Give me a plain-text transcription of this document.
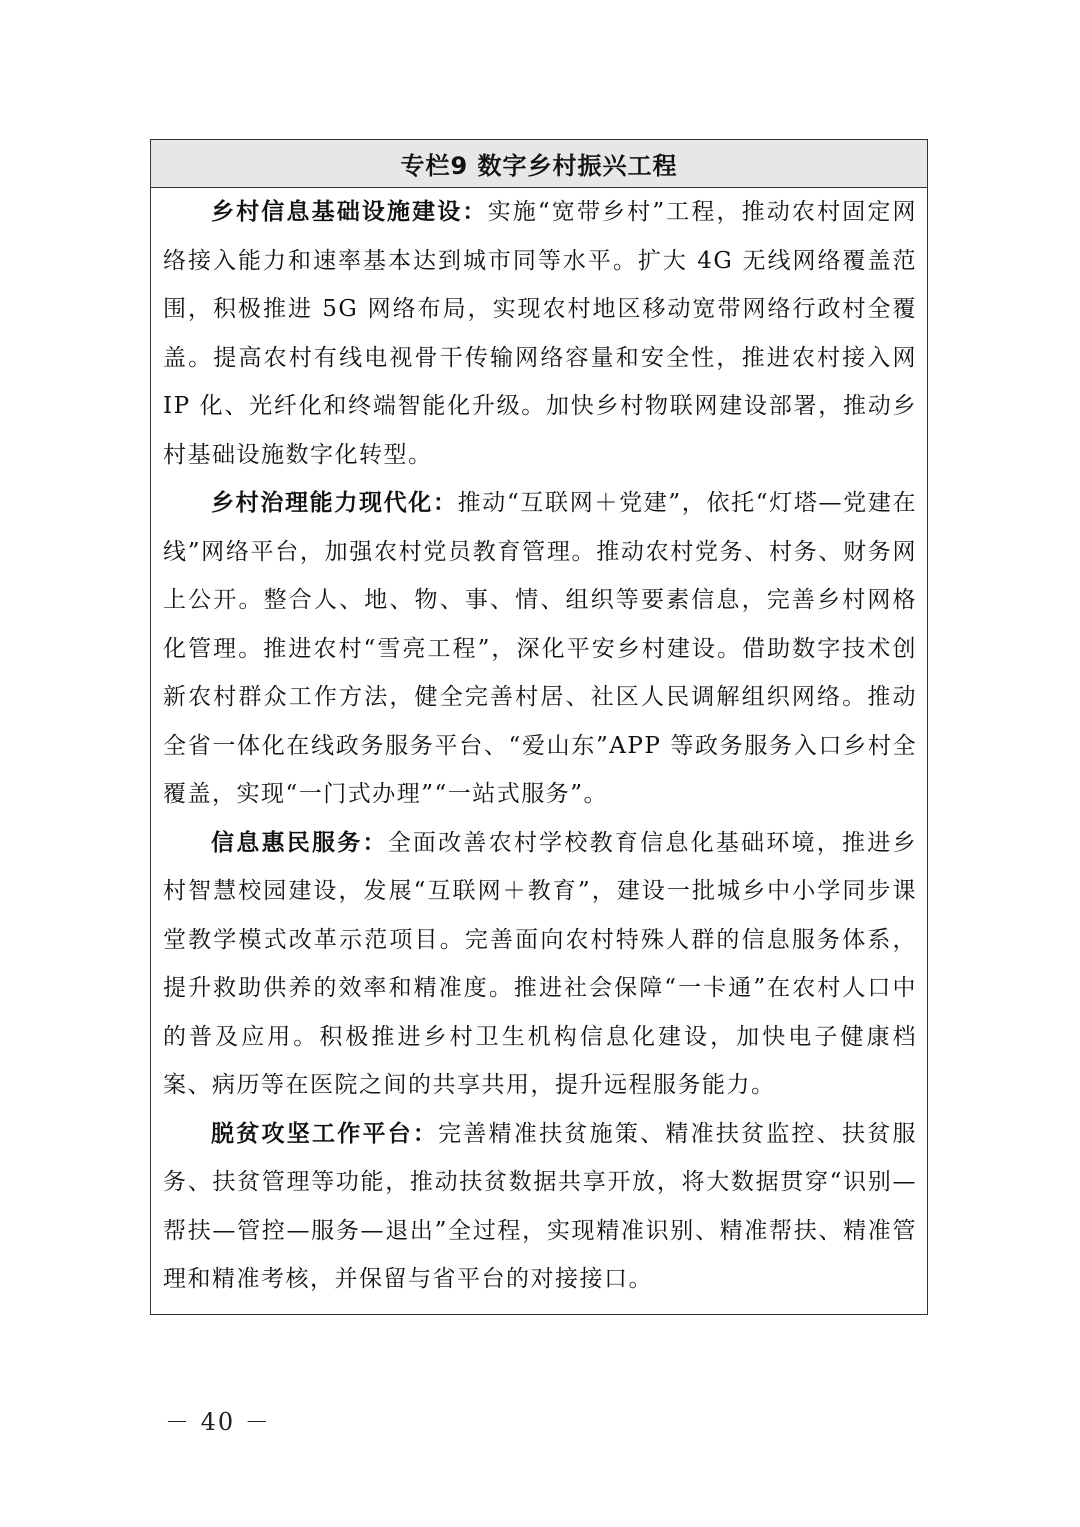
专栏9 数字乡村振兴工程

乡村信息基础设施建设：实施“宽带乡村”工程，推动农村固定网络接入能力和速率基本达到城市同等水平。扩大 4G 无线网络覆盖范围，积极推进 5G 网络布局，实现农村地区移动宽带网络行政村全覆盖。提高农村有线电视骨干传输网络容量和安全性，推进农村接入网 IP 化、光纤化和终端智能化升级。加快乡村物联网建设部署，推动乡村基础设施数字化转型。

乡村治理能力现代化：推动“互联网＋党建”，依托“灯塔—党建在线”网络平台，加强农村党员教育管理。推动农村党务、村务、财务网上公开。整合人、地、物、事、情、组织等要素信息，完善乡村网格化管理。推进农村“雪亮工程”，深化平安乡村建设。借助数字技术创新农村群众工作方法，健全完善村居、社区人民调解组织网络。推动全省一体化在线政务服务平台、“爱山东”APP 等政务服务入口乡村全覆盖，实现“一门式办理”“一站式服务”。

信息惠民服务：全面改善农村学校教育信息化基础环境，推进乡村智慧校园建设，发展“互联网＋教育”，建设一批城乡中小学同步课堂教学模式改革示范项目。完善面向农村特殊人群的信息服务体系，提升救助供养的效率和精准度。推进社会保障“一卡通”在农村人口中的普及应用。积极推进乡村卫生机构信息化建设，加快电子健康档案、病历等在医院之间的共享共用，提升远程服务能力。

脱贫攻坚工作平台：完善精准扶贫施策、精准扶贫监控、扶贫服务、扶贫管理等功能，推动扶贫数据共享开放，将大数据贯穿“识别—帮扶—管控—服务—退出”全过程，实现精准识别、精准帮扶、精准管理和精准考核，并保留与省平台的对接接口。

－ 40 －
